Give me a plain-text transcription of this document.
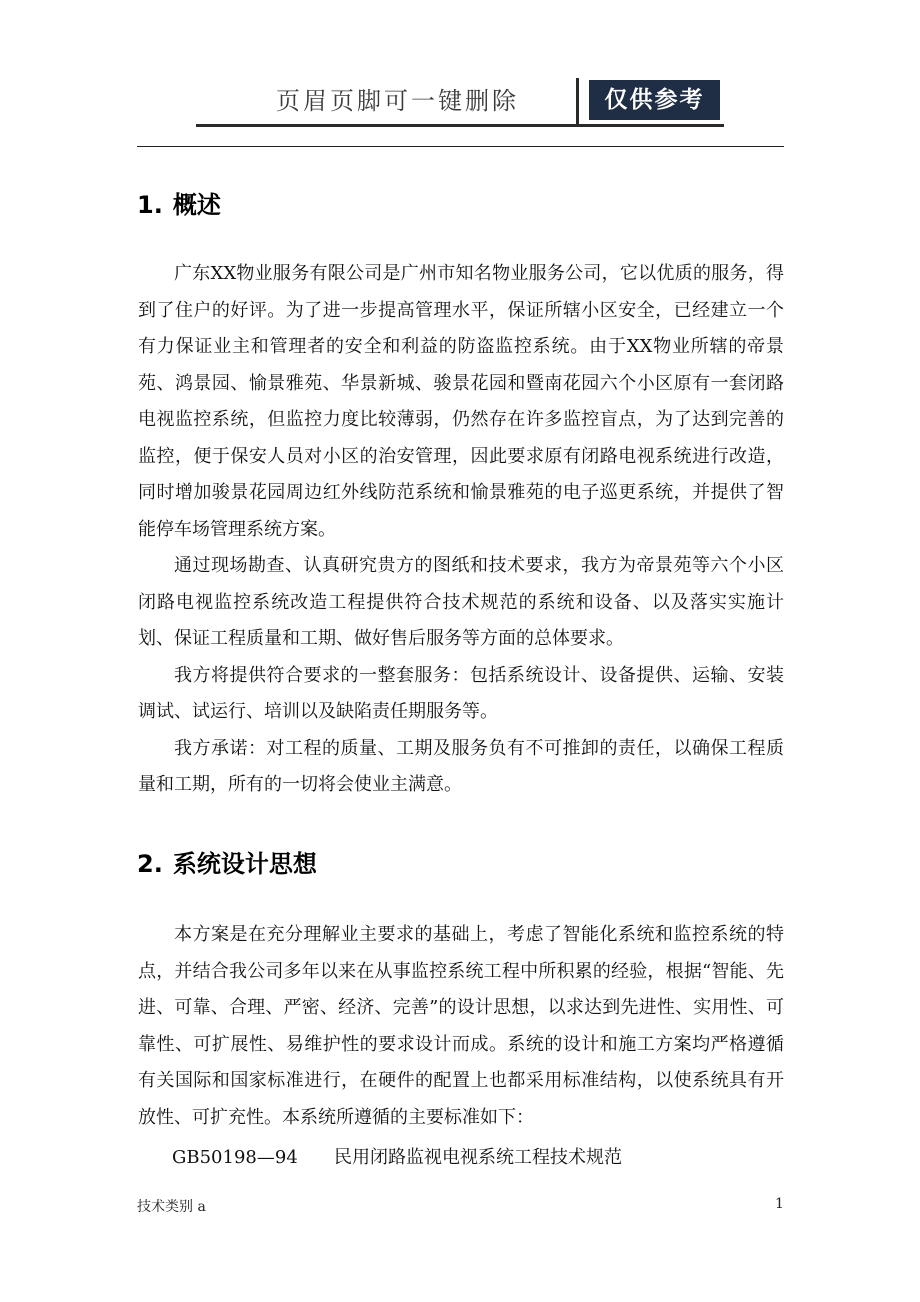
页眉页脚可一键删除	仅供参考
1. 概述

广东XX物业服务有限公司是广州市知名物业服务公司，它以优质的服务，得到了住户的好评。为了进一步提高管理水平，保证所辖小区安全，已经建立一个有力保证业主和管理者的安全和利益的防盗监控系统。由于XX物业所辖的帝景苑、鸿景园、愉景雅苑、华景新城、骏景花园和暨南花园六个小区原有一套闭路电视监控系统，但监控力度比较薄弱，仍然存在许多监控盲点，为了达到完善的监控，便于保安人员对小区的治安管理，因此要求原有闭路电视系统进行改造，同时增加骏景花园周边红外线防范系统和愉景雅苑的电子巡更系统，并提供了智能停车场管理系统方案。

通过现场勘查、认真研究贵方的图纸和技术要求，我方为帝景苑等六个小区闭路电视监控系统改造工程提供符合技术规范的系统和设备、以及落实实施计划、保证工程质量和工期、做好售后服务等方面的总体要求。

我方将提供符合要求的一整套服务：包括系统设计、设备提供、运输、安装调试、试运行、培训以及缺陷责任期服务等。

我方承诺：对工程的质量、工期及服务负有不可推卸的责任，以确保工程质量和工期，所有的一切将会使业主满意。

2. 系统设计思想

本方案是在充分理解业主要求的基础上，考虑了智能化系统和监控系统的特点，并结合我公司多年以来在从事监控系统工程中所积累的经验，根据“智能、先进、可靠、合理、严密、经济、完善”的设计思想，以求达到先进性、实用性、可靠性、可扩展性、易维护性的要求设计而成。系统的设计和施工方案均严格遵循有关国际和国家标准进行，在硬件的配置上也都采用标准结构，以使系统具有开放性、可扩充性。本系统所遵循的主要标准如下：

GB50198—94 民用闭路监视电视系统工程技术规范
技术类别 a	1
